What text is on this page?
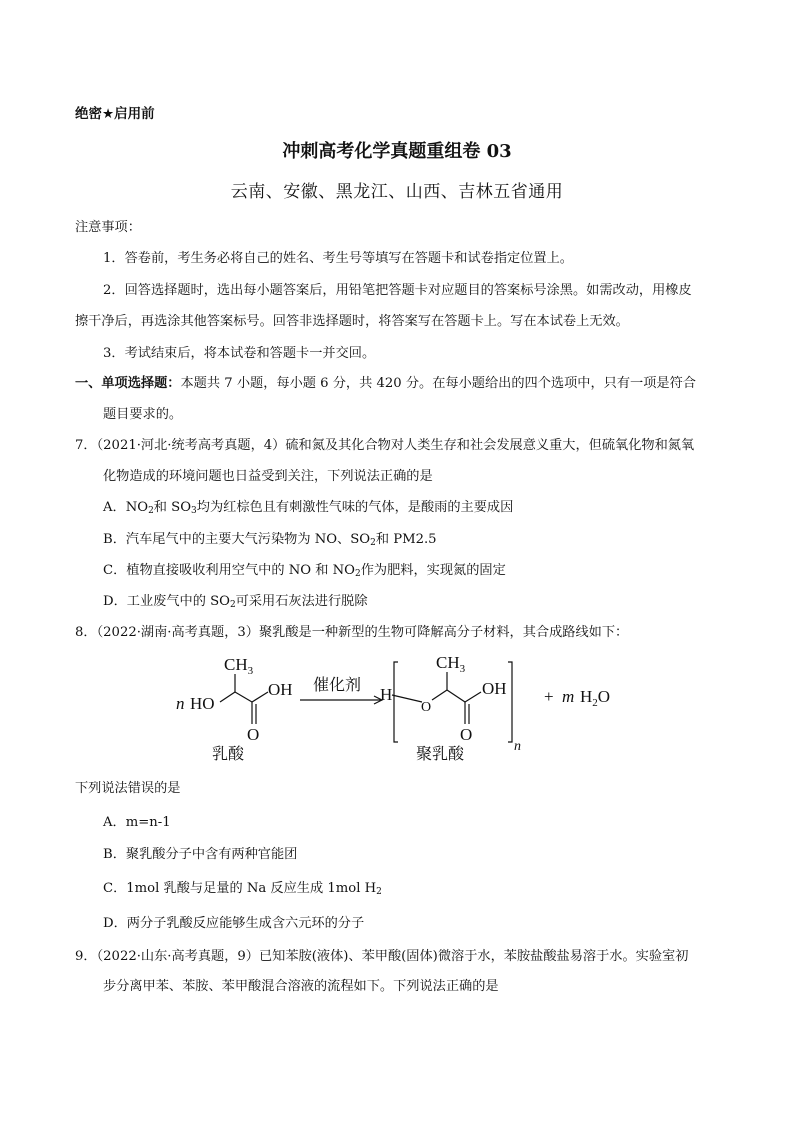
绝密★启用前
冲刺高考化学真题重组卷 03
云南、安徽、黑龙江、山西、吉林五省通用
注意事项：
1．答卷前，考生务必将自己的姓名、考生号等填写在答题卡和试卷指定位置上。
2．回答选择题时，选出每小题答案后，用铅笔把答题卡对应题目的答案标号涂黑。如需改动，用橡皮
擦干净后，再选涂其他答案标号。回答非选择题时，将答案写在答题卡上。写在本试卷上无效。
3．考试结束后，将本试卷和答题卡一并交回。
一、单项选择题：本题共 7 小题，每小题 6 分，共 420 分。在每小题给出的四个选项中，只有一项是符合
题目要求的。
7．（2021·河北·统考高考真题，4）硫和氮及其化合物对人类生存和社会发展意义重大，但硫氧化物和氮氧
化物造成的环境问题也日益受到关注，下列说法正确的是
A．$NO_2$和 $SO_3$均为红棕色且有刺激性气味的气体，是酸雨的主要成因
B．汽车尾气中的主要大气污染物为 NO、$SO_2$和 PM2.5
C．植物直接吸收利用空气中的 NO 和 $NO_2$作为肥料，实现氮的固定
D．工业废气中的 $SO_2$可采用石灰法进行脱除
8．（2022·湖南·高考真题，3）聚乳酸是一种新型的生物可降解高分子材料，其合成路线如下：
n HO
$CH_3$
OH
O
催化剂 H
O
$CH_3$
OH
O
n
+ m $H_2O$
乳酸	聚乳酸
下列说法错误的是
A．m=n-1
B．聚乳酸分子中含有两种官能团
C．1mol 乳酸与足量的 Na 反应生成 1mol $H_2$
D．两分子乳酸反应能够生成含六元环的分子
9．（2022·山东·高考真题，9）已知苯胺(液体)、苯甲酸(固体)微溶于水，苯胺盐酸盐易溶于水。实验室初
步分离甲苯、苯胺、苯甲酸混合溶液的流程如下。下列说法正确的是
